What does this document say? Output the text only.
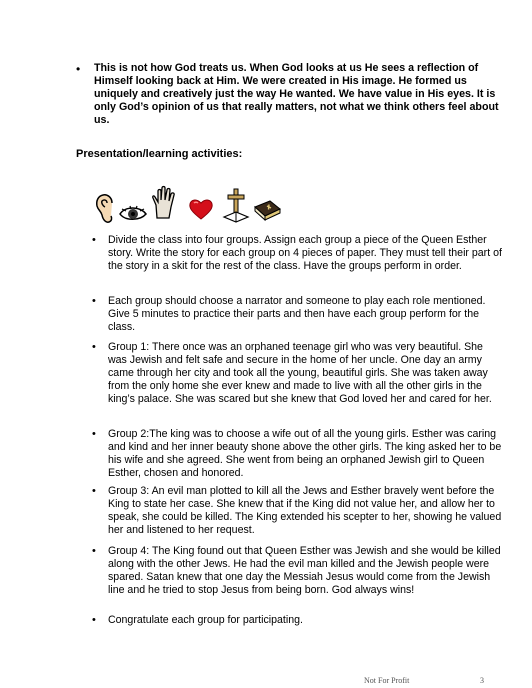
• This is not how God treats us. When God looks at us He sees a reflection of Himself looking back at Him. We were created in His image. He formed us uniquely and creatively just the way He wanted. We have value in His eyes. It is only God’s opinion of us that really matters, not what we think others feel about us.

Presentation/learning activities:

• Divide the class into four groups. Assign each group a piece of the Queen Esther story. Write the story for each group on 4 pieces of paper. They must tell their part of the story in a skit for the rest of the class. Have the groups perform in order.
• Each group should choose a narrator and someone to play each role mentioned. Give 5 minutes to practice their parts and then have each group perform for the class.
• Group 1: There once was an orphaned teenage girl who was very beautiful. She was Jewish and felt safe and secure in the home of her uncle. One day an army came through her city and took all the young, beautiful girls. She was taken away from the only home she ever knew and made to live with all the other girls in the king’s palace. She was scared but she knew that God loved her and cared for her.
• Group 2:The king was to choose a wife out of all the young girls. Esther was caring and kind and her inner beauty shone above the other girls. The king asked her to be his wife and she agreed. She went from being an orphaned Jewish girl to Queen Esther, chosen and honored.
• Group 3: An evil man plotted to kill all the Jews and Esther bravely went before the King to state her case. She knew that if the King did not value her, and allow her to speak, she could be killed. The King extended his scepter to her, showing he valued her and listened to her request.
• Group 4: The King found out that Queen Esther was Jewish and she would be killed along with the other Jews. He had the evil man killed and the Jewish people were spared. Satan knew that one day the Messiah Jesus would come from the Jewish line and he tried to stop Jesus from being born. God always wins!
• Congratulate each group for participating.
Not For Profit	3
